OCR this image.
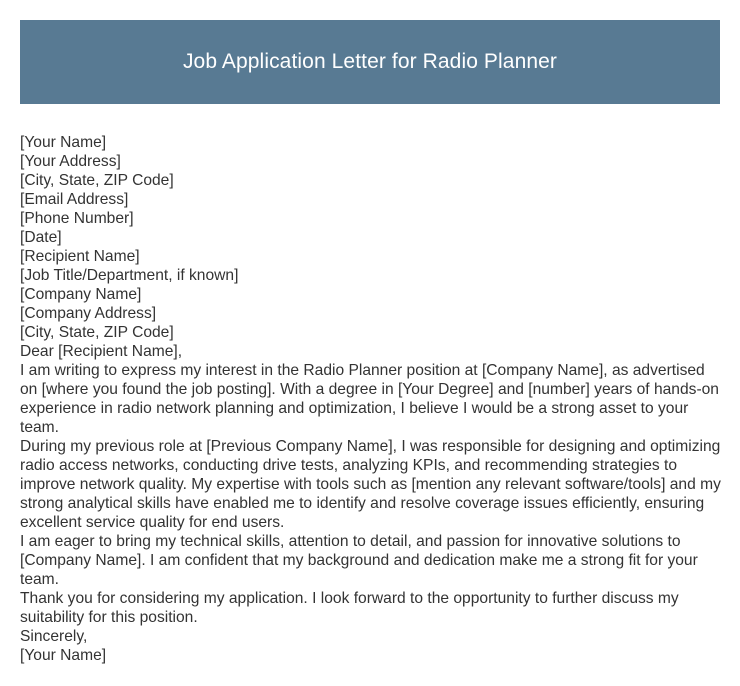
Job Application Letter for Radio Planner

[Your Name]

[Your Address]

[City, State, ZIP Code]

[Email Address]

[Phone Number]

[Date]

[Recipient Name]

[Job Title/Department, if known]

[Company Name]

[Company Address]

[City, State, ZIP Code]

Dear [Recipient Name],

I am writing to express my interest in the Radio Planner position at [Company Name], as advertised on [where you found the job posting]. With a degree in [Your Degree] and [number] years of hands-on experience in radio network planning and optimization, I believe I would be a strong asset to your team.

During my previous role at [Previous Company Name], I was responsible for designing and optimizing radio access networks, conducting drive tests, analyzing KPIs, and recommending strategies to improve network quality. My expertise with tools such as [mention any relevant software/tools] and my strong analytical skills have enabled me to identify and resolve coverage issues efficiently, ensuring excellent service quality for end users.

I am eager to bring my technical skills, attention to detail, and passion for innovative solutions to [Company Name]. I am confident that my background and dedication make me a strong fit for your team.

Thank you for considering my application. I look forward to the opportunity to further discuss my suitability for this position.

Sincerely,

[Your Name]
